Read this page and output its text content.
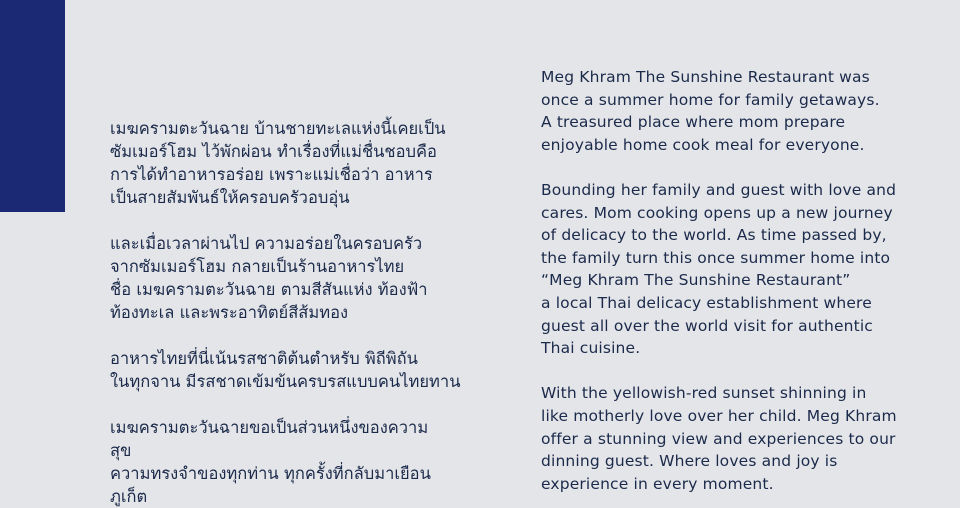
เมฆครามตะวันฉาย บ้านชายทะเลแห่งนี้เคยเป็น
ซัมเมอร์โฮม ไว้พักผ่อน ทำเรื่องที่แม่ชื่นชอบคือ
การได้ทำอาหารอร่อย เพราะแม่เชื่อว่า อาหาร
เป็นสายสัมพันธ์ให้ครอบครัวอบอุ่น

และเมื่อเวลาผ่านไป ความอร่อยในครอบครัว
จากซัมเมอร์โฮม กลายเป็นร้านอาหารไทย
ชื่อ เมฆครามตะวันฉาย ตามสีสันแห่ง ท้องฟ้า
ท้องทะเล และพระอาทิตย์สีส้มทอง

อาหารไทยที่นี่เน้นรสชาติต้นตำหรับ พิถีพิถัน
ในทุกจาน มีรสชาดเข้มข้นครบรสแบบคนไทยทาน

เมฆครามตะวันฉายขอเป็นส่วนหนึ่งของความ
สุข
ความทรงจำของทุกท่าน ทุกครั้งที่กลับมาเยือน
ภูเก็ต

Meg Khram The Sunshine Restaurant was
once a summer home for family getaways.
A treasured place where mom prepare
enjoyable home cook meal for everyone.

Bounding her family and guest with love and
cares. Mom cooking opens up a new journey
of delicacy to the world. As time passed by,
the family turn this once summer home into
“Meg Khram The Sunshine Restaurant”
a local Thai delicacy establishment where
guest all over the world visit for authentic
Thai cuisine.

With the yellowish-red sunset shinning in
like motherly love over her child. Meg Khram
offer a stunning view and experiences to our
dinning guest. Where loves and joy is
experience in every moment.
